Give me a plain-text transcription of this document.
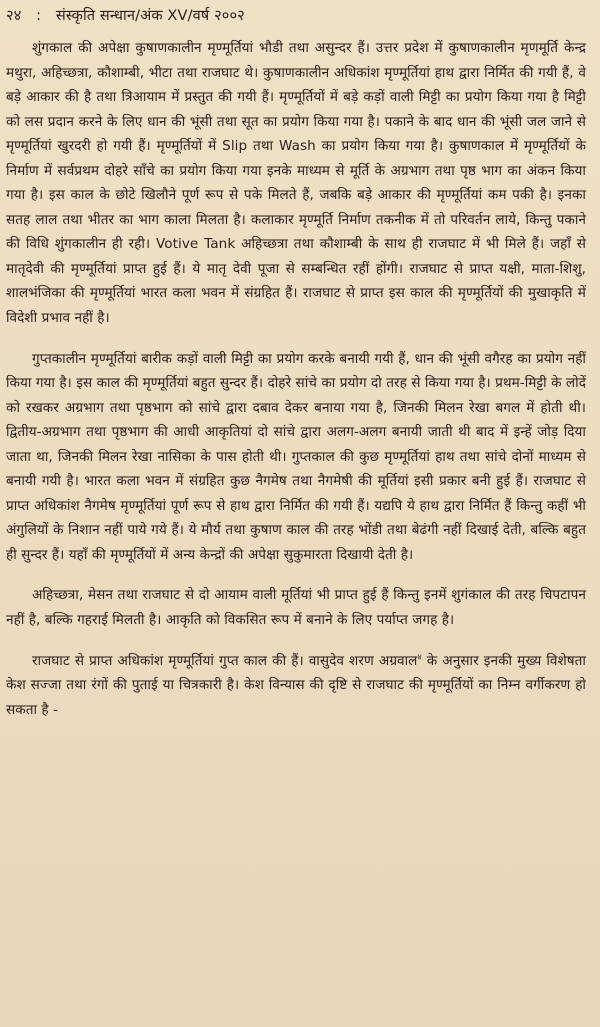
२४ : संस्कृति सन्धान/अंक XV/वर्ष २००२

शुंगकाल की अपेक्षा कुषाणकालीन मृण्मूर्तियां भौडी तथा असुन्दर हैं। उत्तर प्रदेश में कुषाणकालीन मृणमूर्ति केन्द्र मथुरा, अहिच्छत्रा, कौशाम्बी, भीटा तथा राजघाट थे। कुषाणकालीन अधिकांश मृण्मूर्तियां हाथ द्वारा निर्मित की गयी हैं, वे बड़े आकार की है तथा त्रिआयाम में प्रस्तुत की गयी हैं। मृण्मूर्तियों में बड़े कड़ों वाली मिट्टी का प्रयोग किया गया है मिट्टी को लस प्रदान करने के लिए धान की भूंसी तथा सूत का प्रयोग किया गया है। पकाने के बाद धान की भूंसी जल जाने से मृण्मूर्तियां खुरदरी हो गयी हैं। मृण्मूर्तियों में Slip तथा Wash का प्रयोग किया गया है। कुषाणकाल में मृण्मूर्तियों के निर्माण में सर्वप्रथम दोहरे साँचे का प्रयोग किया गया इनके माध्यम से मूर्ति के अग्रभाग तथा पृष्ठ भाग का अंकन किया गया है। इस काल के छोटे खिलौने पूर्ण रूप से पके मिलते हैं, जबकि बड़े आकार की मृण्मूर्तियां कम पकी है। इनका सतह लाल तथा भीतर का भाग काला मिलता है। कलाकार मृण्मूर्ति निर्माण तकनीक में तो परिवर्तन लाये, किन्तु पकाने की विधि शुंगकालीन ही रही। Votive Tank अहिच्छत्रा तथा कौशाम्बी के साथ ही राजघाट में भी मिले हैं। जहाँ से मातृदेवी की मृण्मूर्तियां प्राप्त हुई हैं। ये मातृ देवी पूजा से सम्बन्धित रहीं होंगी। राजघाट से प्राप्त यक्षी, माता-शिशु, शालभंजिका की मृण्मूर्तियां भारत कला भवन में संग्रहित हैं। राजघाट से प्राप्त इस काल की मृण्मूर्तियों की मुखाकृति में विदेशी प्रभाव नहीं है।

गुप्तकालीन मृण्मूर्तियां बारीक कड़ों वाली मिट्टी का प्रयोग करके बनायी गयी हैं, धान की भूंसी वगैरह का प्रयोग नहीं किया गया है। इस काल की मृण्मूर्तियां बहुत सुन्दर हैं। दोहरे सांचे का प्रयोग दो तरह से किया गया है। प्रथम-मिट्टी के लोदें को रखकर अग्रभाग तथा पृष्ठभाग को सांचे द्वारा दबाव देकर बनाया गया है, जिनकी मिलन रेखा बगल में होती थी। द्वितीय-अग्रभाग तथा पृष्ठभाग की आधी आकृतियां दो सांचे द्वारा अलग-अलग बनायी जाती थी बाद में इन्हें जोड़ दिया जाता था, जिनकी मिलन रेखा नासिका के पास होती थी। गुप्तकाल की कुछ मृण्मूर्तियां हाथ तथा सांचे दोनों माध्यम से बनायी गयी है। भारत कला भवन में संग्रहित कुछ नैगमेष तथा नैगमेषी की मूर्तियां इसी प्रकार बनी हुई हैं। राजघाट से प्राप्त अधिकांश नैगमेष मृण्मूर्तियां पूर्ण रूप से हाथ द्वारा निर्मित की गयी हैं। यद्यपि ये हाथ द्वारा निर्मित हैं किन्तु कहीं भी अंगुलियों के निशान नहीं पाये गये हैं। ये मौर्य तथा कुषाण काल की तरह भोंडी तथा बेढंगी नहीं दिखाई देती, बल्कि बहुत ही सुन्दर हैं। यहाँ की मृण्मूर्तियों में अन्य केन्द्रों की अपेक्षा सुकुमारता दिखायी देती है।

अहिच्छत्रा, मेसन तथा राजघाट से दो आयाम वाली मूर्तियां भी प्राप्त हुई हैं किन्तु इनमें शुगंकाल की तरह चिपटापन नहीं है, बल्कि गहराई मिलती है। आकृति को विकसित रूप में बनाने के लिए पर्याप्त जगह है।

राजघाट से प्राप्त अधिकांश मृण्मूर्तियां गुप्त काल की हैं। वासुदेव शरण अग्रवाल$^४$ के अनुसार इनकी मुख्य विशेषता केश सज्जा तथा रंगों की पुताई या चित्रकारी है। केश विन्यास की दृष्टि से राजघाट की मृण्मूर्तियों का निम्न वर्गीकरण हो सकता है -
